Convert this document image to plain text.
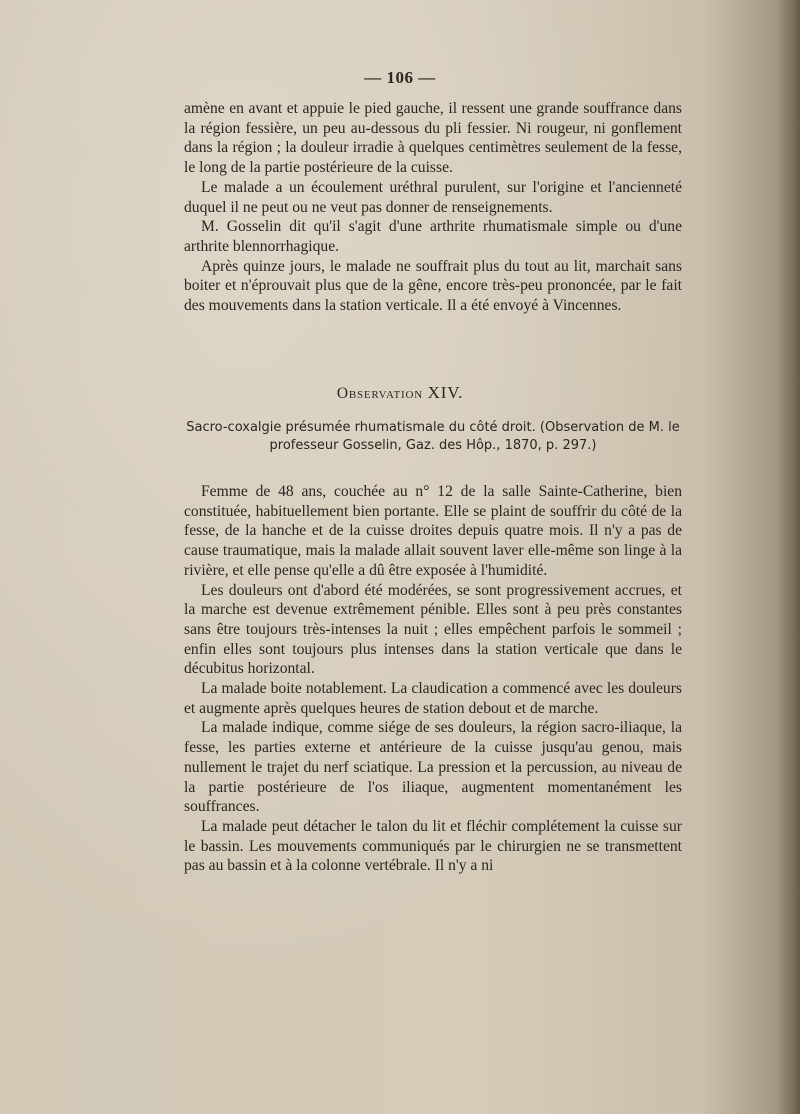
— 106 —

amène en avant et appuie le pied gauche, il ressent une grande souffrance dans la région fessière, un peu au-dessous du pli fessier. Ni rougeur, ni gonflement dans la région ; la douleur irradie à quelques centimètres seulement de la fesse, le long de la partie postérieure de la cuisse.

Le malade a un écoulement uréthral purulent, sur l'origine et l'ancienneté duquel il ne peut ou ne veut pas donner de renseignements.

M. Gosselin dit qu'il s'agit d'une arthrite rhumatismale simple ou d'une arthrite blennorrhagique.

Après quinze jours, le malade ne souffrait plus du tout au lit, marchait sans boiter et n'éprouvait plus que de la gêne, encore très-peu prononcée, par le fait des mouvements dans la station verticale. Il a été envoyé à Vincennes.

Observation XIV.
Sacro-coxalgie présumée rhumatismale du côté droit. (Observation de M. le professeur Gosselin, Gaz. des Hôp., 1870, p. 297.)

Femme de 48 ans, couchée au n° 12 de la salle Sainte-Catherine, bien constituée, habituellement bien portante. Elle se plaint de souffrir du côté de la fesse, de la hanche et de la cuisse droites depuis quatre mois. Il n'y a pas de cause traumatique, mais la malade allait souvent laver elle-même son linge à la rivière, et elle pense qu'elle a dû être exposée à l'humidité.

Les douleurs ont d'abord été modérées, se sont progressivement accrues, et la marche est devenue extrêmement pénible. Elles sont à peu près constantes sans être toujours très-intenses la nuit ; elles empêchent parfois le sommeil ; enfin elles sont toujours plus intenses dans la station verticale que dans le décubitus horizontal.

La malade boite notablement. La claudication a commencé avec les douleurs et augmente après quelques heures de station debout et de marche.

La malade indique, comme siége de ses douleurs, la région sacro-iliaque, la fesse, les parties externe et antérieure de la cuisse jusqu'au genou, mais nullement le trajet du nerf sciatique. La pression et la percussion, au niveau de la partie postérieure de l'os iliaque, augmentent momentanément les souffrances.

La malade peut détacher le talon du lit et fléchir complétement la cuisse sur le bassin. Les mouvements communiqués par le chirurgien ne se transmettent pas au bassin et à la colonne vertébrale. Il n'y a ni
